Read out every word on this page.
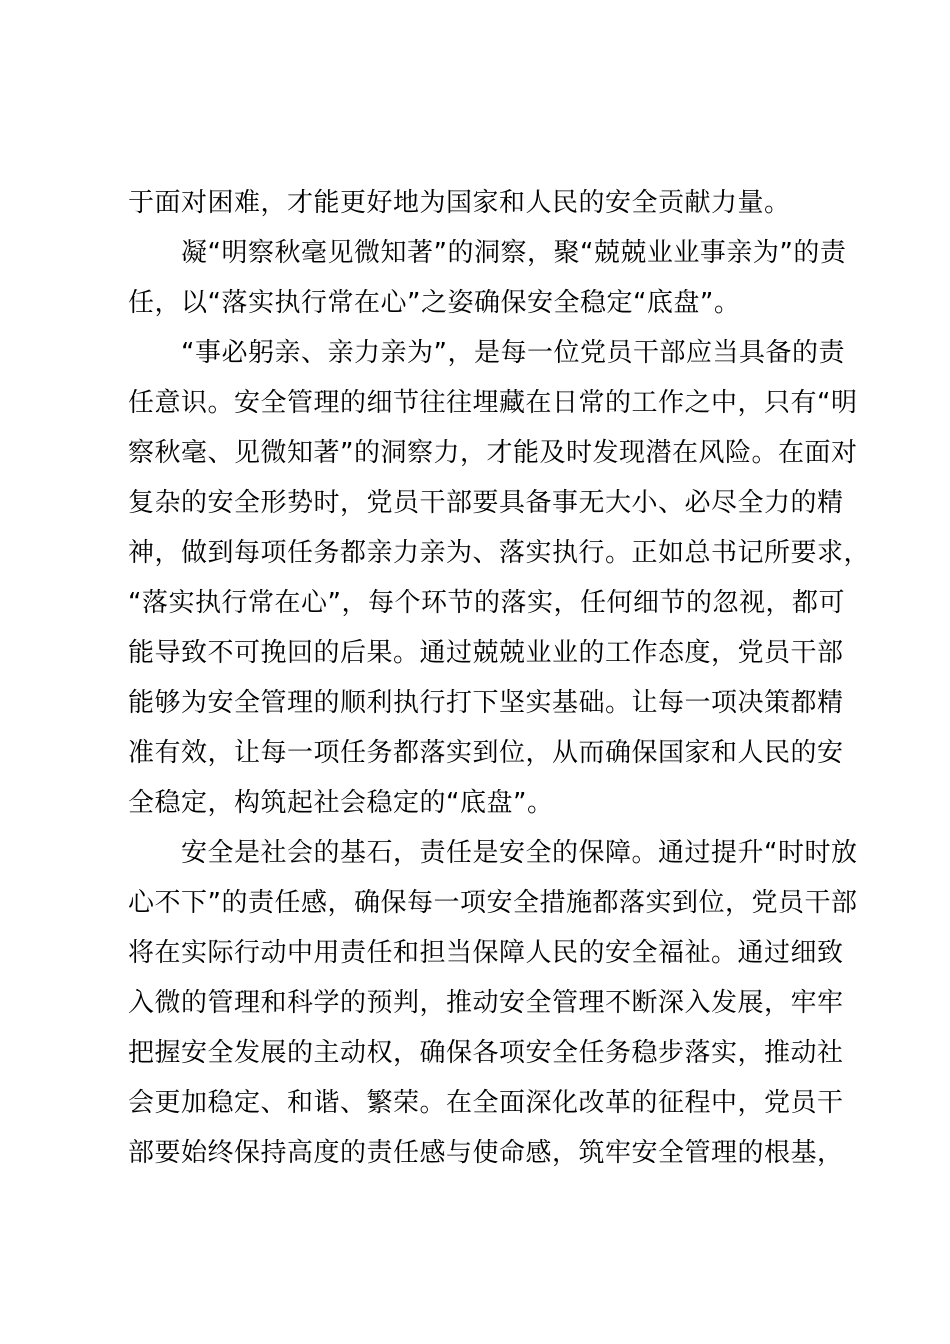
于面对困难，才能更好地为国家和人民的安全贡献力量。
凝“明察秋毫见微知著”的洞察，聚“兢兢业业事亲为”的责
任，以“落实执行常在心”之姿确保安全稳定“底盘”。
“事必躬亲、亲力亲为”，是每一位党员干部应当具备的责
任意识。安全管理的细节往往埋藏在日常的工作之中，只有“明
察秋毫、见微知著”的洞察力，才能及时发现潜在风险。在面对
复杂的安全形势时，党员干部要具备事无大小、必尽全力的精
神，做到每项任务都亲力亲为、落实执行。正如总书记所要求，
“落实执行常在心”，每个环节的落实，任何细节的忽视，都可
能导致不可挽回的后果。通过兢兢业业的工作态度，党员干部
能够为安全管理的顺利执行打下坚实基础。让每一项决策都精
准有效，让每一项任务都落实到位，从而确保国家和人民的安
全稳定，构筑起社会稳定的“底盘”。
安全是社会的基石，责任是安全的保障。通过提升“时时放
心不下”的责任感，确保每一项安全措施都落实到位，党员干部
将在实际行动中用责任和担当保障人民的安全福祉。通过细致
入微的管理和科学的预判，推动安全管理不断深入发展，牢牢
把握安全发展的主动权，确保各项安全任务稳步落实，推动社
会更加稳定、和谐、繁荣。在全面深化改革的征程中，党员干
部要始终保持高度的责任感与使命感，筑牢安全管理的根基，
